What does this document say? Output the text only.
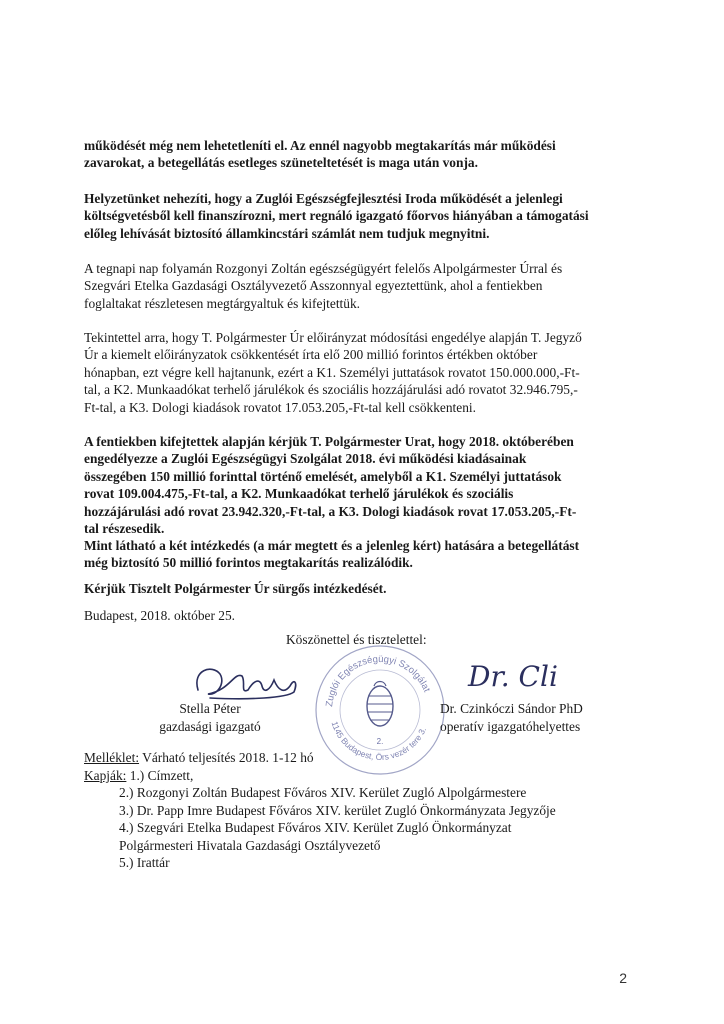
működését még nem lehetetleníti el. Az ennél nagyobb megtakarítás már működési
zavarokat, a betegellátás esetleges szüneteltetését is maga után vonja.
Helyzetünket nehezíti, hogy a Zuglói Egészségfejlesztési Iroda működését a jelenlegi
költségvetésből kell finanszírozni, mert regnáló igazgató főorvos hiányában a támogatási
előleg lehívását biztosító államkincstári számlát nem tudjuk megnyitni.
A tegnapi nap folyamán Rozgonyi Zoltán egészségügyért felelős Alpolgármester Úrral és
Szegvári Etelka Gazdasági Osztályvezető Asszonnyal egyeztettünk, ahol a fentiekben
foglaltakat részletesen megtárgyaltuk és kifejtettük.
Tekintettel arra, hogy T. Polgármester Úr előirányzat módosítási engedélye alapján T. Jegyző
Úr a kiemelt előirányzatok csökkentését írta elő 200 millió forintos értékben október
hónapban, ezt végre kell hajtanunk, ezért a K1. Személyi juttatások rovatot 150.000.000,-Ft-
tal, a K2. Munkaadókat terhelő járulékok és szociális hozzájárulási adó rovatot 32.946.795,-
Ft-tal, a K3. Dologi kiadások rovatot 17.053.205,-Ft-tal kell csökkenteni.
A fentiekben kifejtettek alapján kérjük T. Polgármester Urat, hogy 2018. októberében
engedélyezze a Zuglói Egészségügyi Szolgálat 2018. évi működési kiadásainak
összegében 150 millió forinttal történő emelését, amelyből a K1. Személyi juttatások
rovat 109.004.475,-Ft-tal, a K2. Munkaadókat terhelő járulékok és szociális
hozzájárulási adó rovat 23.942.320,-Ft-tal, a K3. Dologi kiadások rovat 17.053.205,-Ft-
tal részesedik.
Mint látható a két intézkedés (a már megtett és a jelenleg kért) hatására a betegellátást
még biztosító 50 millió forintos megtakarítás realizálódik.
Kérjük Tisztelt Polgármester Úr sürgős intézkedését.
Budapest, 2018. október 25.
Köszönettel és tisztelettel:
Stella Péter
gazdasági igazgató
Zuglói Egészségügyi Szolgálat
1145 Budapest, Örs vezér tere 3.
2.
Dr. Cli
Dr. Czinkóczi Sándor PhD
operatív igazgatóhelyettes
Melléklet: Várható teljesítés 2018. 1-12 hó
Kapják: 1.) Címzett,
2.) Rozgonyi Zoltán Budapest Főváros XIV. Kerület Zugló Alpolgármestere
3.) Dr. Papp Imre Budapest Főváros XIV. kerület Zugló Önkormányzata Jegyzője
4.) Szegvári Etelka Budapest Főváros XIV. Kerület Zugló Önkormányzat
Polgármesteri Hivatala Gazdasági Osztályvezető
5.) Irattár
2
